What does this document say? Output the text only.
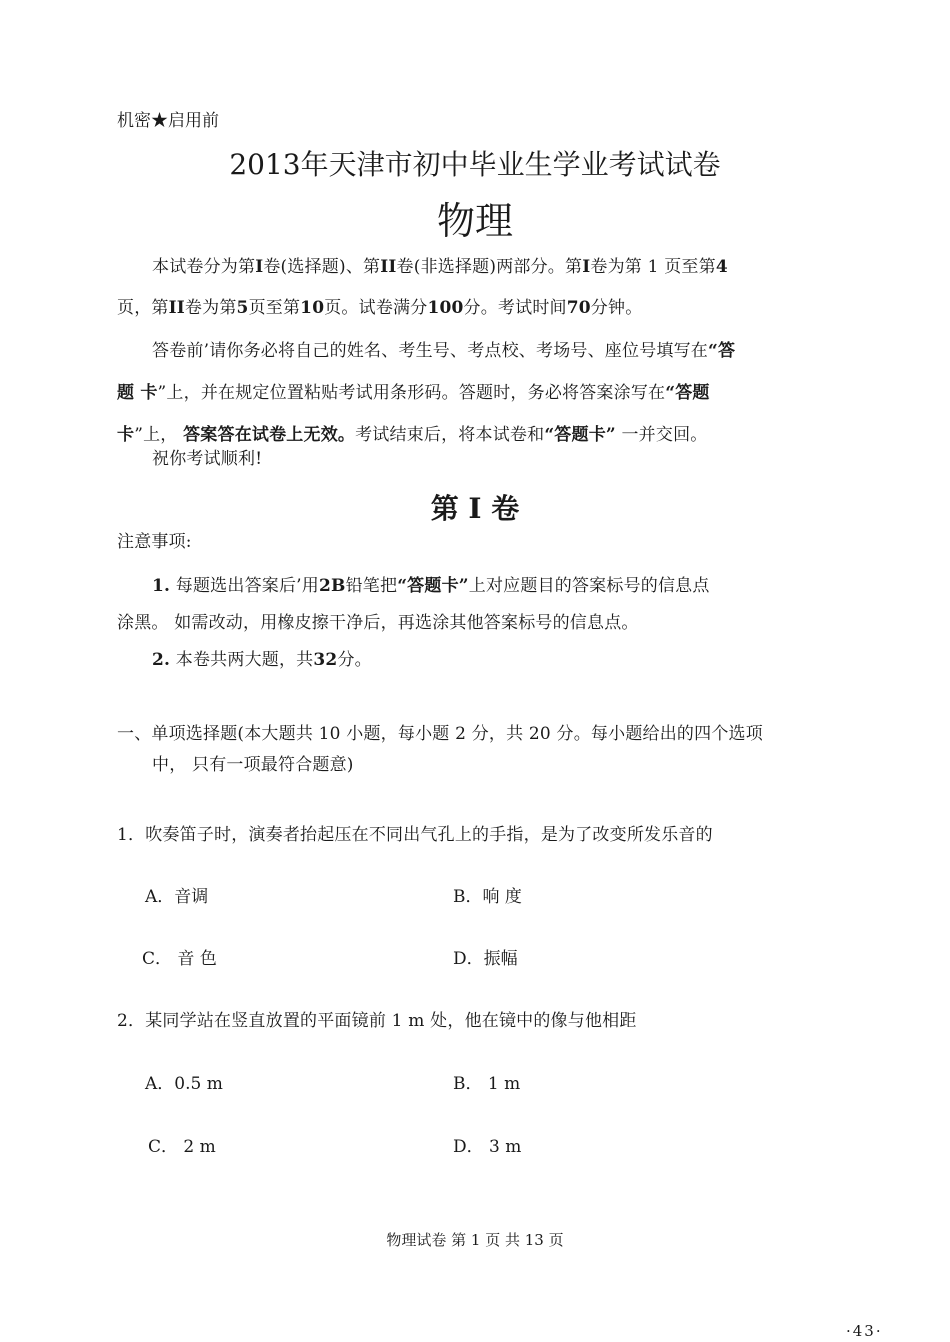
机密★启用前
2013年天津市初中毕业生学业考试试卷
物理
本试卷分为第I卷(选择题)、第II卷(非选择题)两部分。第I卷为第 1 页至第4
页，第II卷为第5页至第10页。试卷满分100分。考试时间70分钟。
答卷前’请你务必将自己的姓名、考生号、考点校、考场号、座位号填写在“答
题 卡”上，并在规定位置粘贴考试用条形码。答题时，务必将答案涂写在“答题
卡”上， 答案答在试卷上无效。考试结束后，将本试卷和“答题卡” 一并交回。
祝你考试顺利!
第 I 卷
注意事项:
1. 每题选出答案后’用2B铅笔把“答题卡”上对应题目的答案标号的信息点
涂黑。 如需改动，用橡皮擦干净后，再选涂其他答案标号的信息点。
2. 本卷共两大题，共32分。
一、单项选择题(本大题共 10 小题，每小题 2 分，共 20 分。每小题给出的四个选项
中， 只有一项最符合题意)
1．吹奏笛子时，演奏者抬起压在不同出气孔上的手指，是为了改变所发乐音的
A．音调	B．响 度
C． 音 色	D．振幅
2．某同学站在竖直放置的平面镜前 1 m 处，他在镜中的像与他相距
A．0.5 m	B． 1 m
C． 2 m	D． 3 m
物理试卷 第 1 页 共 13 页
·43·
